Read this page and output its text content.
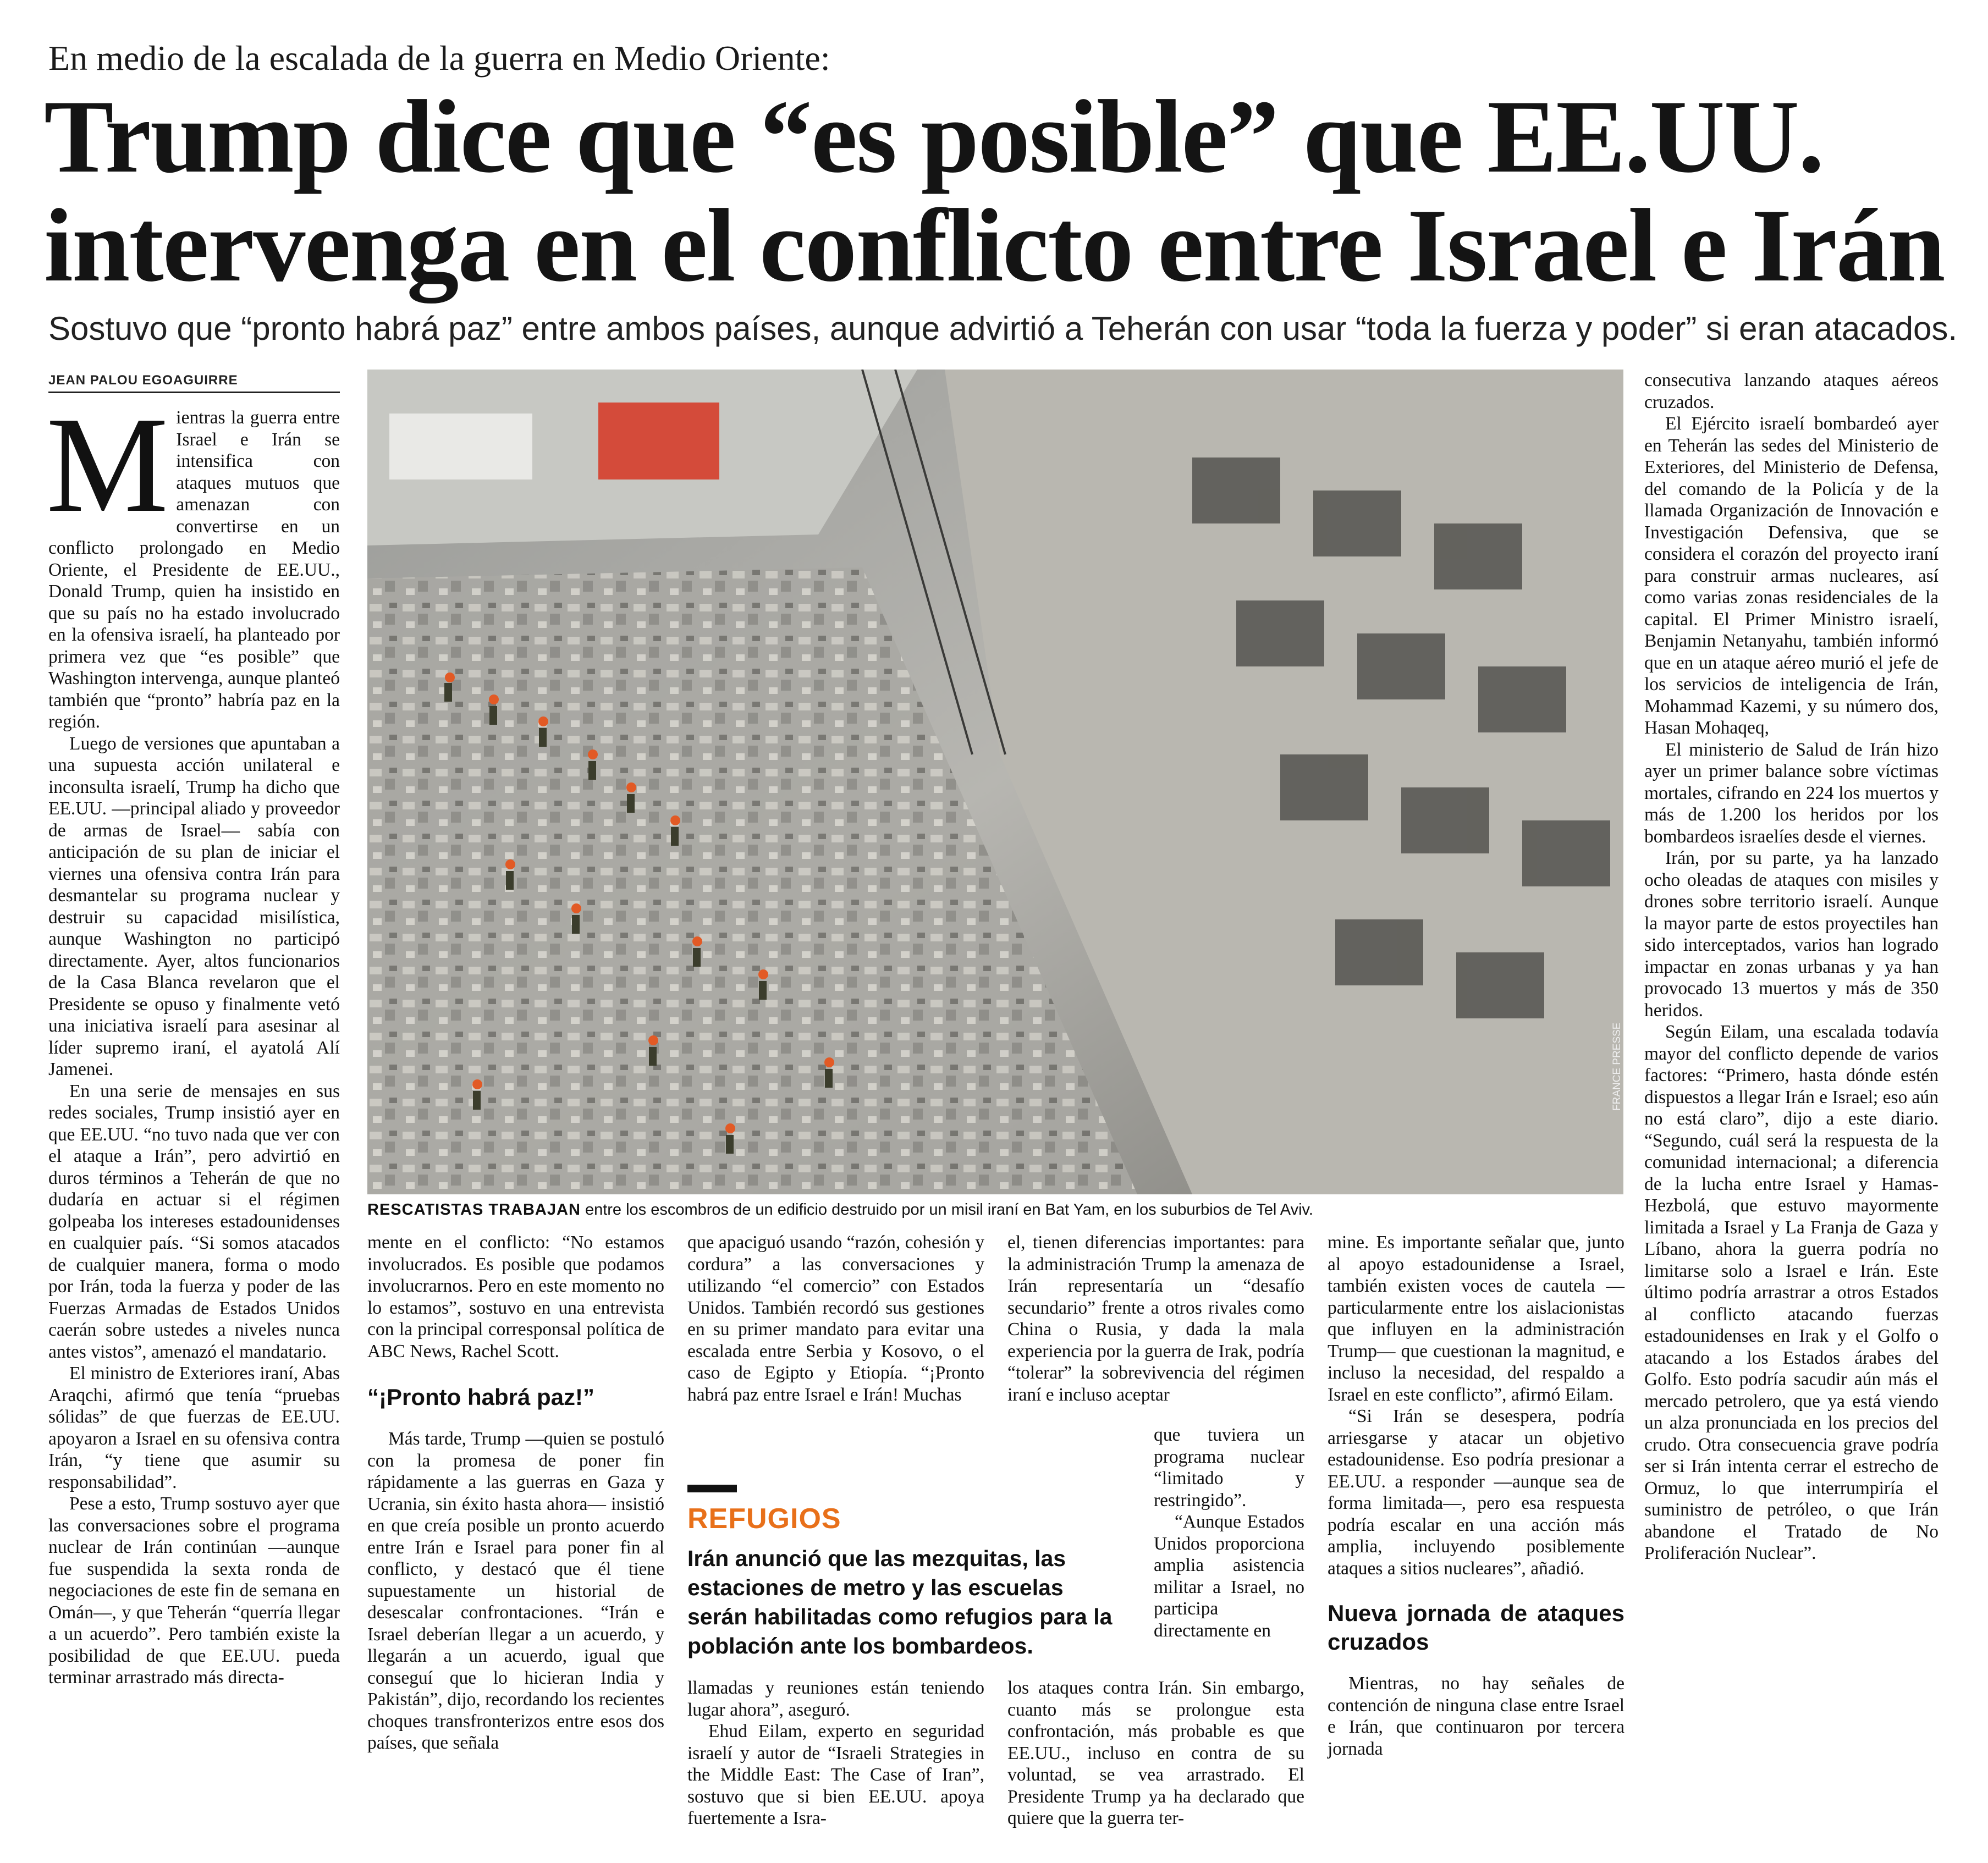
En medio de la escalada de la guerra en Medio Oriente:
Trump dice que “es posible” que EE.UU.
intervenga en el conflicto entre Israel e Irán
Sostuvo que “pronto habrá paz” entre ambos países, aunque advirtió a Teherán con usar “toda la fuerza y poder” si eran atacados.
JEAN PALOU EGOAGUIRRE

Mientras la guerra entre Israel e Irán se intensifica con ataques mutuos que amenazan con convertirse en un conflicto prolongado en Medio Oriente, el Presidente de EE.UU., Donald Trump, quien ha insistido en que su país no ha estado involucrado en la ofensiva israelí, ha planteado por primera vez que “es posible” que Washington intervenga, aunque planteó también que “pronto” habría paz en la región.

Luego de versiones que apuntaban a una supuesta acción unilateral e inconsulta israelí, Trump ha dicho que EE.UU. —principal aliado y proveedor de armas de Israel— sabía con anticipación de su plan de iniciar el viernes una ofensiva contra Irán para desmantelar su programa nuclear y destruir su capacidad misilística, aunque Washington no participó directamente. Ayer, altos funcionarios de la Casa Blanca revelaron que el Presidente se opuso y finalmente vetó una iniciativa israelí para asesinar al líder supremo iraní, el ayatolá Alí Jamenei.

En una serie de mensajes en sus redes sociales, Trump insistió ayer en que EE.UU. “no tuvo nada que ver con el ataque a Irán”, pero advirtió en duros términos a Teherán de que no dudaría en actuar si el régimen golpeaba los intereses estadounidenses en cualquier país. “Si somos atacados de cualquier manera, forma o modo por Irán, toda la fuerza y poder de las Fuerzas Armadas de Estados Unidos caerán sobre ustedes a niveles nunca antes vistos”, amenazó el mandatario.

El ministro de Exteriores iraní, Abas Araqchi, afirmó que tenía “pruebas sólidas” de que fuerzas de EE.UU. apoyaron a Israel en su ofensiva contra Irán, “y tiene que asumir su responsabilidad”.

Pese a esto, Trump sostuvo ayer que las conversaciones sobre el programa nuclear de Irán continúan —aunque fue suspendida la sexta ronda de negociaciones de este fin de semana en Omán—, y que Teherán “querría llegar a un acuerdo”. Pero también existe la posibilidad de que EE.UU. pueda terminar arrastrado más directa-

FRANCE PRESSE
RESCATISTAS TRABAJAN entre los escombros de un edificio destruido por un misil iraní en Bat Yam, en los suburbios de Tel Aviv.

mente en el conflicto: “No estamos involucrados. Es posible que podamos involucrarnos. Pero en este momento no lo estamos”, sostuvo en una entrevista con la principal corresponsal política de ABC News, Rachel Scott.

“¡Pronto habrá paz!”

Más tarde, Trump —quien se postuló con la promesa de poner fin rápidamente a las guerras en Gaza y Ucrania, sin éxito hasta ahora— insistió en que creía posible un pronto acuerdo entre Irán e Israel para poner fin al conflicto, y destacó que él tiene supuestamente un historial de desescalar confrontaciones. “Irán e Israel deberían llegar a un acuerdo, y llegarán a un acuerdo, igual que conseguí que lo hicieran India y Pakistán”, dijo, recordando los recientes choques transfronterizos entre esos dos países, que señala

que apaciguó usando “razón, cohesión y cordura” a las conversaciones y utilizando “el comercio” con Estados Unidos. También recordó sus gestiones en su primer mandato para evitar una escalada entre Serbia y Kosovo, o el caso de Egipto y Etiopía. “¡Pronto habrá paz entre Israel e Irán! Muchas

llamadas y reuniones están teniendo lugar ahora”, aseguró.

Ehud Eilam, experto en seguridad israelí y autor de “Israeli Strategies in the Middle East: The Case of Iran”, sostuvo que si bien EE.UU. apoya fuertemente a Isra-

el, tienen diferencias importantes: para la administración Trump la amenaza de Irán representaría un “desafío secundario” frente a otros rivales como China o Rusia, y dada la mala experiencia por la guerra de Irak, podría “tolerar” la sobrevivencia del régimen iraní e incluso aceptar

que tuviera un programa nuclear “limitado y restringido”.

“Aunque Estados Unidos proporciona amplia asistencia militar a Israel, no participa directamente en

los ataques contra Irán. Sin embargo, cuanto más se prolongue esta confrontación, más probable es que EE.UU., incluso en contra de su voluntad, se vea arrastrado. El Presidente Trump ya ha declarado que quiere que la guerra ter-

mine. Es importante señalar que, junto al apoyo estadounidense a Israel, también existen voces de cautela —particularmente entre los aislacionistas que influyen en la administración Trump— que cuestionan la magnitud, e incluso la necesidad, del respaldo a Israel en este conflicto”, afirmó Eilam.

“Si Irán se desespera, podría arriesgarse y atacar un objetivo estadounidense. Eso podría presionar a EE.UU. a responder —aunque sea de forma limitada—, pero esa respuesta podría escalar en una acción más amplia, incluyendo posiblemente ataques a sitios nucleares”, añadió.

Nueva jornada de ataques cruzados

Mientras, no hay señales de contención de ninguna clase entre Israel e Irán, que continuaron por tercera jornada

consecutiva lanzando ataques aéreos cruzados.

El Ejército israelí bombardeó ayer en Teherán las sedes del Ministerio de Exteriores, del Ministerio de Defensa, del comando de la Policía y de la llamada Organización de Innovación e Investigación Defensiva, que se considera el corazón del proyecto iraní para construir armas nucleares, así como varias zonas residenciales de la capital. El Primer Ministro israelí, Benjamin Netanyahu, también informó que en un ataque aéreo murió el jefe de los servicios de inteligencia de Irán, Mohammad Kazemi, y su número dos, Hasan Mohaqeq,

El ministerio de Salud de Irán hizo ayer un primer balance sobre víctimas mortales, cifrando en 224 los muertos y más de 1.200 los heridos por los bombardeos israelíes desde el viernes.

Irán, por su parte, ya ha lanzado ocho oleadas de ataques con misiles y drones sobre territorio israelí. Aunque la mayor parte de estos proyectiles han sido interceptados, varios han logrado impactar en zonas urbanas y ya han provocado 13 muertos y más de 350 heridos.

Según Eilam, una escalada todavía mayor del conflicto depende de varios factores: “Primero, hasta dónde estén dispuestos a llegar Irán e Israel; eso aún no está claro”, dijo a este diario. “Segundo, cuál será la respuesta de la comunidad internacional; a diferencia de la lucha entre Israel y Hamas-Hezbolá, que estuvo mayormente limitada a Israel y La Franja de Gaza y Líbano, ahora la guerra podría no limitarse solo a Israel e Irán. Este último podría arrastrar a otros Estados al conflicto atacando fuerzas estadounidenses en Irak y el Golfo o atacando a los Estados árabes del Golfo. Esto podría sacudir aún más el mercado petrolero, que ya está viendo un alza pronunciada en los precios del crudo. Otra consecuencia grave podría ser si Irán intenta cerrar el estrecho de Ormuz, lo que interrumpiría el suministro de petróleo, o que Irán abandone el Tratado de No Proliferación Nuclear”.

REFUGIOS
Irán anunció que las mezquitas, las estaciones de metro y las escuelas serán habilitadas como refugios para la población ante los bombardeos.
